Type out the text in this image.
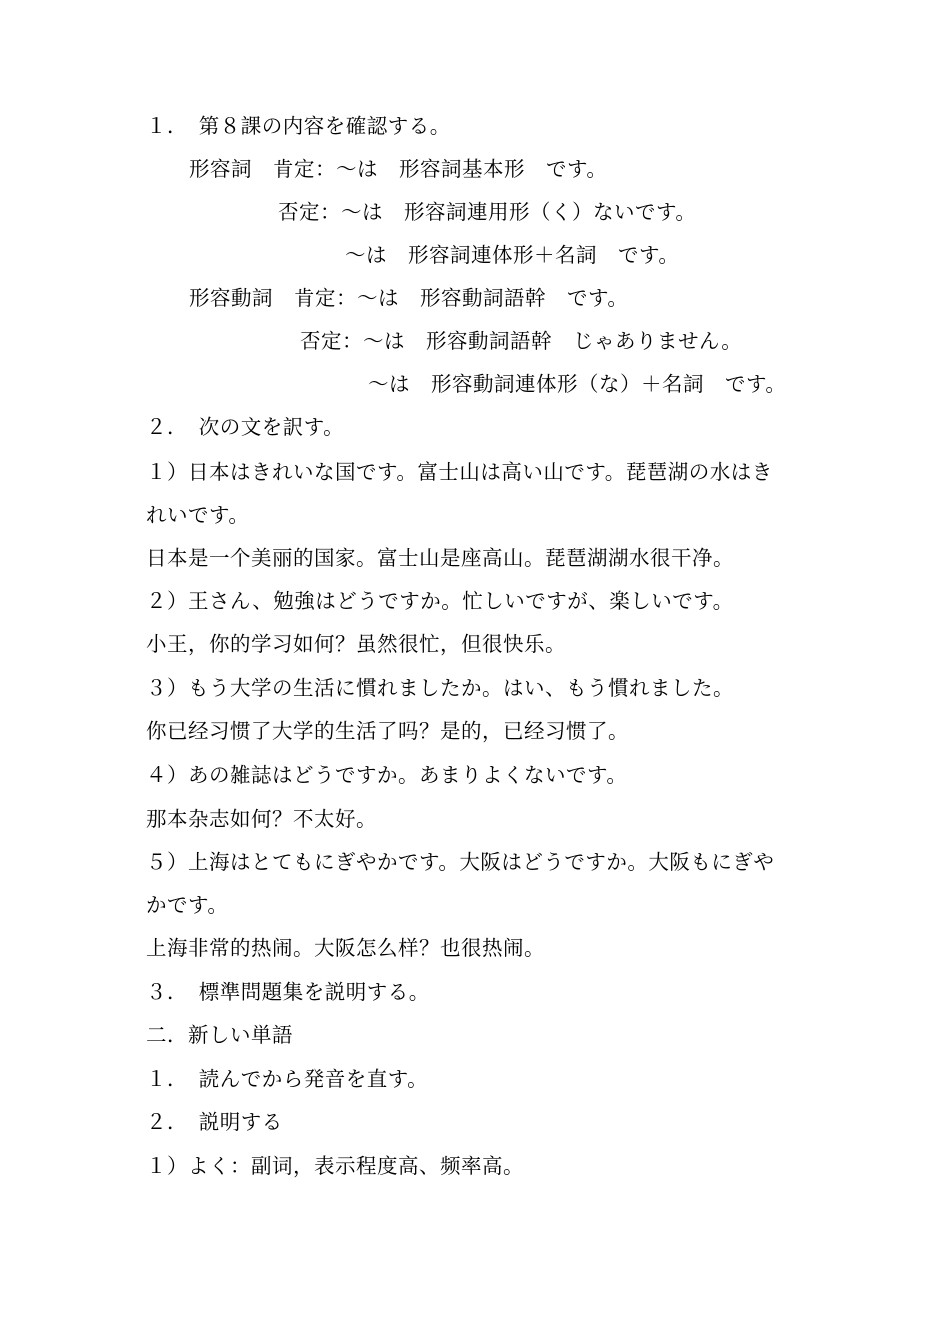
１．　第８課の内容を確認する。
形容詞　肯定：～は　形容詞基本形　です。
否定：～は　形容詞連用形（く）ないです。
～は　形容詞連体形＋名詞　です。
形容動詞　肯定：～は　形容動詞語幹　です。
否定：～は　形容動詞語幹　じゃありません。
～は　形容動詞連体形（な）＋名詞　です。
２．　次の文を訳す。
１）日本はきれいな国です。富士山は高い山です。琵琶湖の水はき
れいです。
日本是一个美丽的国家。富士山是座高山。琵琶湖湖水很干净。
２）王さん、勉強はどうですか。忙しいですが、楽しいです。
小王，你的学习如何？虽然很忙，但很快乐。
３）もう大学の生活に慣れましたか。はい、もう慣れました。
你已经习惯了大学的生活了吗？是的，已经习惯了。
４）あの雑誌はどうですか。あまりよくないです。
那本杂志如何？不太好。
５）上海はとてもにぎやかです。大阪はどうですか。大阪もにぎや
かです。
上海非常的热闹。大阪怎么样？也很热闹。
３．　標準問題集を説明する。
二．新しい単語
１．　読んでから発音を直す。
２．　説明する
１）よく：副词，表示程度高、频率高。
